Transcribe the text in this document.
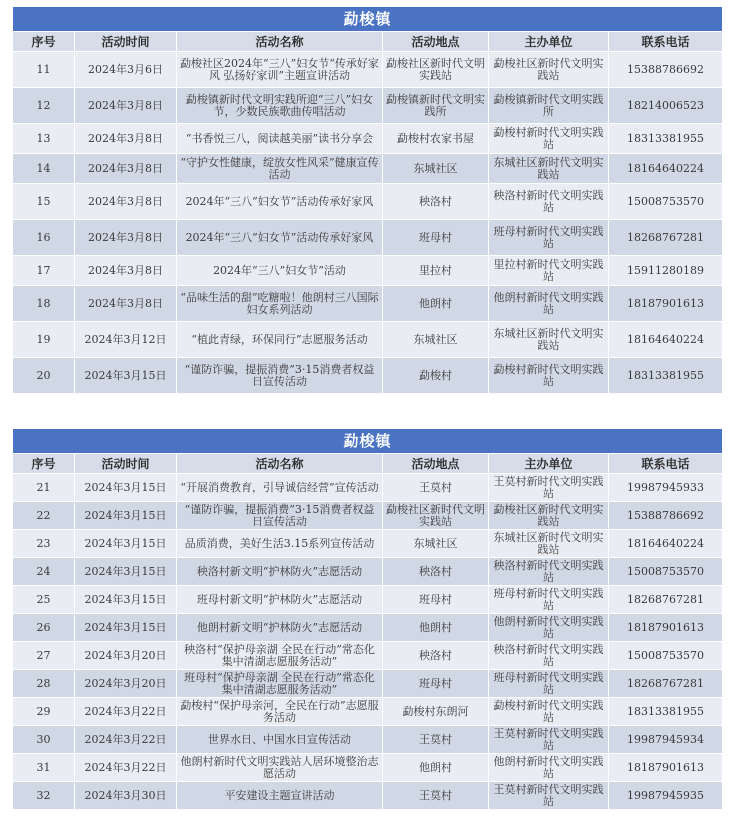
勐梭镇					
序号	活动时间	活动名称	活动地点	主办单位	联系电话
11	2024年3月6日	勐梭社区2024年“三八”妇女节“传承好家风 弘扬好家训”主题宣讲活动	勐梭社区新时代文明实践站	勐梭社区新时代文明实践站	15388786692
12	2024年3月8日	勐梭镇新时代文明实践所迎“三八”妇女节，少数民族歌曲传唱活动	勐梭镇新时代文明实践所	勐梭镇新时代文明实践所	18214006523
13	2024年3月8日	“书香悦三八，阅读越美丽”读书分享会	勐梭村农家书屋	勐梭村新时代文明实践站	18313381955
14	2024年3月8日	“守护女性健康，绽放女性风采”健康宣传活动	东城社区	东城社区新时代文明实践站	18164640224
15	2024年3月8日	2024年“三八”妇女节”活动传承好家风	秧洛村	秧洛村新时代文明实践站	15008753570
16	2024年3月8日	2024年“三八”妇女节”活动传承好家风	班母村	班母村新时代文明实践站	18268767281
17	2024年3月8日	2024年“三八”妇女节”活动	里拉村	里拉村新时代文明实践站	15911280189
18	2024年3月8日	“品味生活的甜”吃糖啦！他朗村三八国际妇女系列活动	他朗村	他朗村新时代文明实践站	18187901613
19	2024年3月12日	“植此青绿，环保同行”志愿服务活动	东城社区	东城社区新时代文明实践站	18164640224
20	2024年3月15日	“谨防诈骗，提振消费”3·15消费者权益日宣传活动	勐梭村	勐梭村新时代文明实践站	18313381955
勐梭镇					
序号	活动时间	活动名称	活动地点	主办单位	联系电话
21	2024年3月15日	“开展消费教育，引导诚信经营”宣传活动	王莫村	王莫村新时代文明实践站	19987945933
22	2024年3月15日	“谨防诈骗，提振消费”3·15消费者权益日宣传活动	勐梭社区新时代文明实践站	勐梭社区新时代文明实践站	15388786692
23	2024年3月15日	品质消费，美好生活3.15系列宣传活动	东城社区	东城社区新时代文明实践站	18164640224
24	2024年3月15日	秧洛村新文明“护林防火”志愿活动	秧洛村	秧洛村新时代文明实践站	15008753570
25	2024年3月15日	班母村新文明“护林防火”志愿活动	班母村	班母村新时代文明实践站	18268767281
26	2024年3月15日	他朗村新文明“护林防火”志愿活动	他朗村	他朗村新时代文明实践站	18187901613
27	2024年3月20日	秧洛村“保护母亲湖 全民在行动”常态化集中清湖志愿服务活动”	秧洛村	秧洛村新时代文明实践站	15008753570
28	2024年3月20日	班母村“保护母亲湖 全民在行动”常态化集中清湖志愿服务活动”	班母村	班母村新时代文明实践站	18268767281
29	2024年3月22日	勐梭村“保护母亲河，全民在行动”志愿服务活动	勐梭村东朗河	勐梭村新时代文明实践站	18313381955
30	2024年3月22日	世界水日、中国水日宣传活动	王莫村	王莫村新时代文明实践站	19987945934
31	2024年3月22日	他朗村新时代文明实践站人居环境整治志愿活动	他朗村	他朗村新时代文明实践站	18187901613
32	2024年3月30日	平安建设主题宣讲活动	王莫村	王莫村新时代文明实践站	19987945935
